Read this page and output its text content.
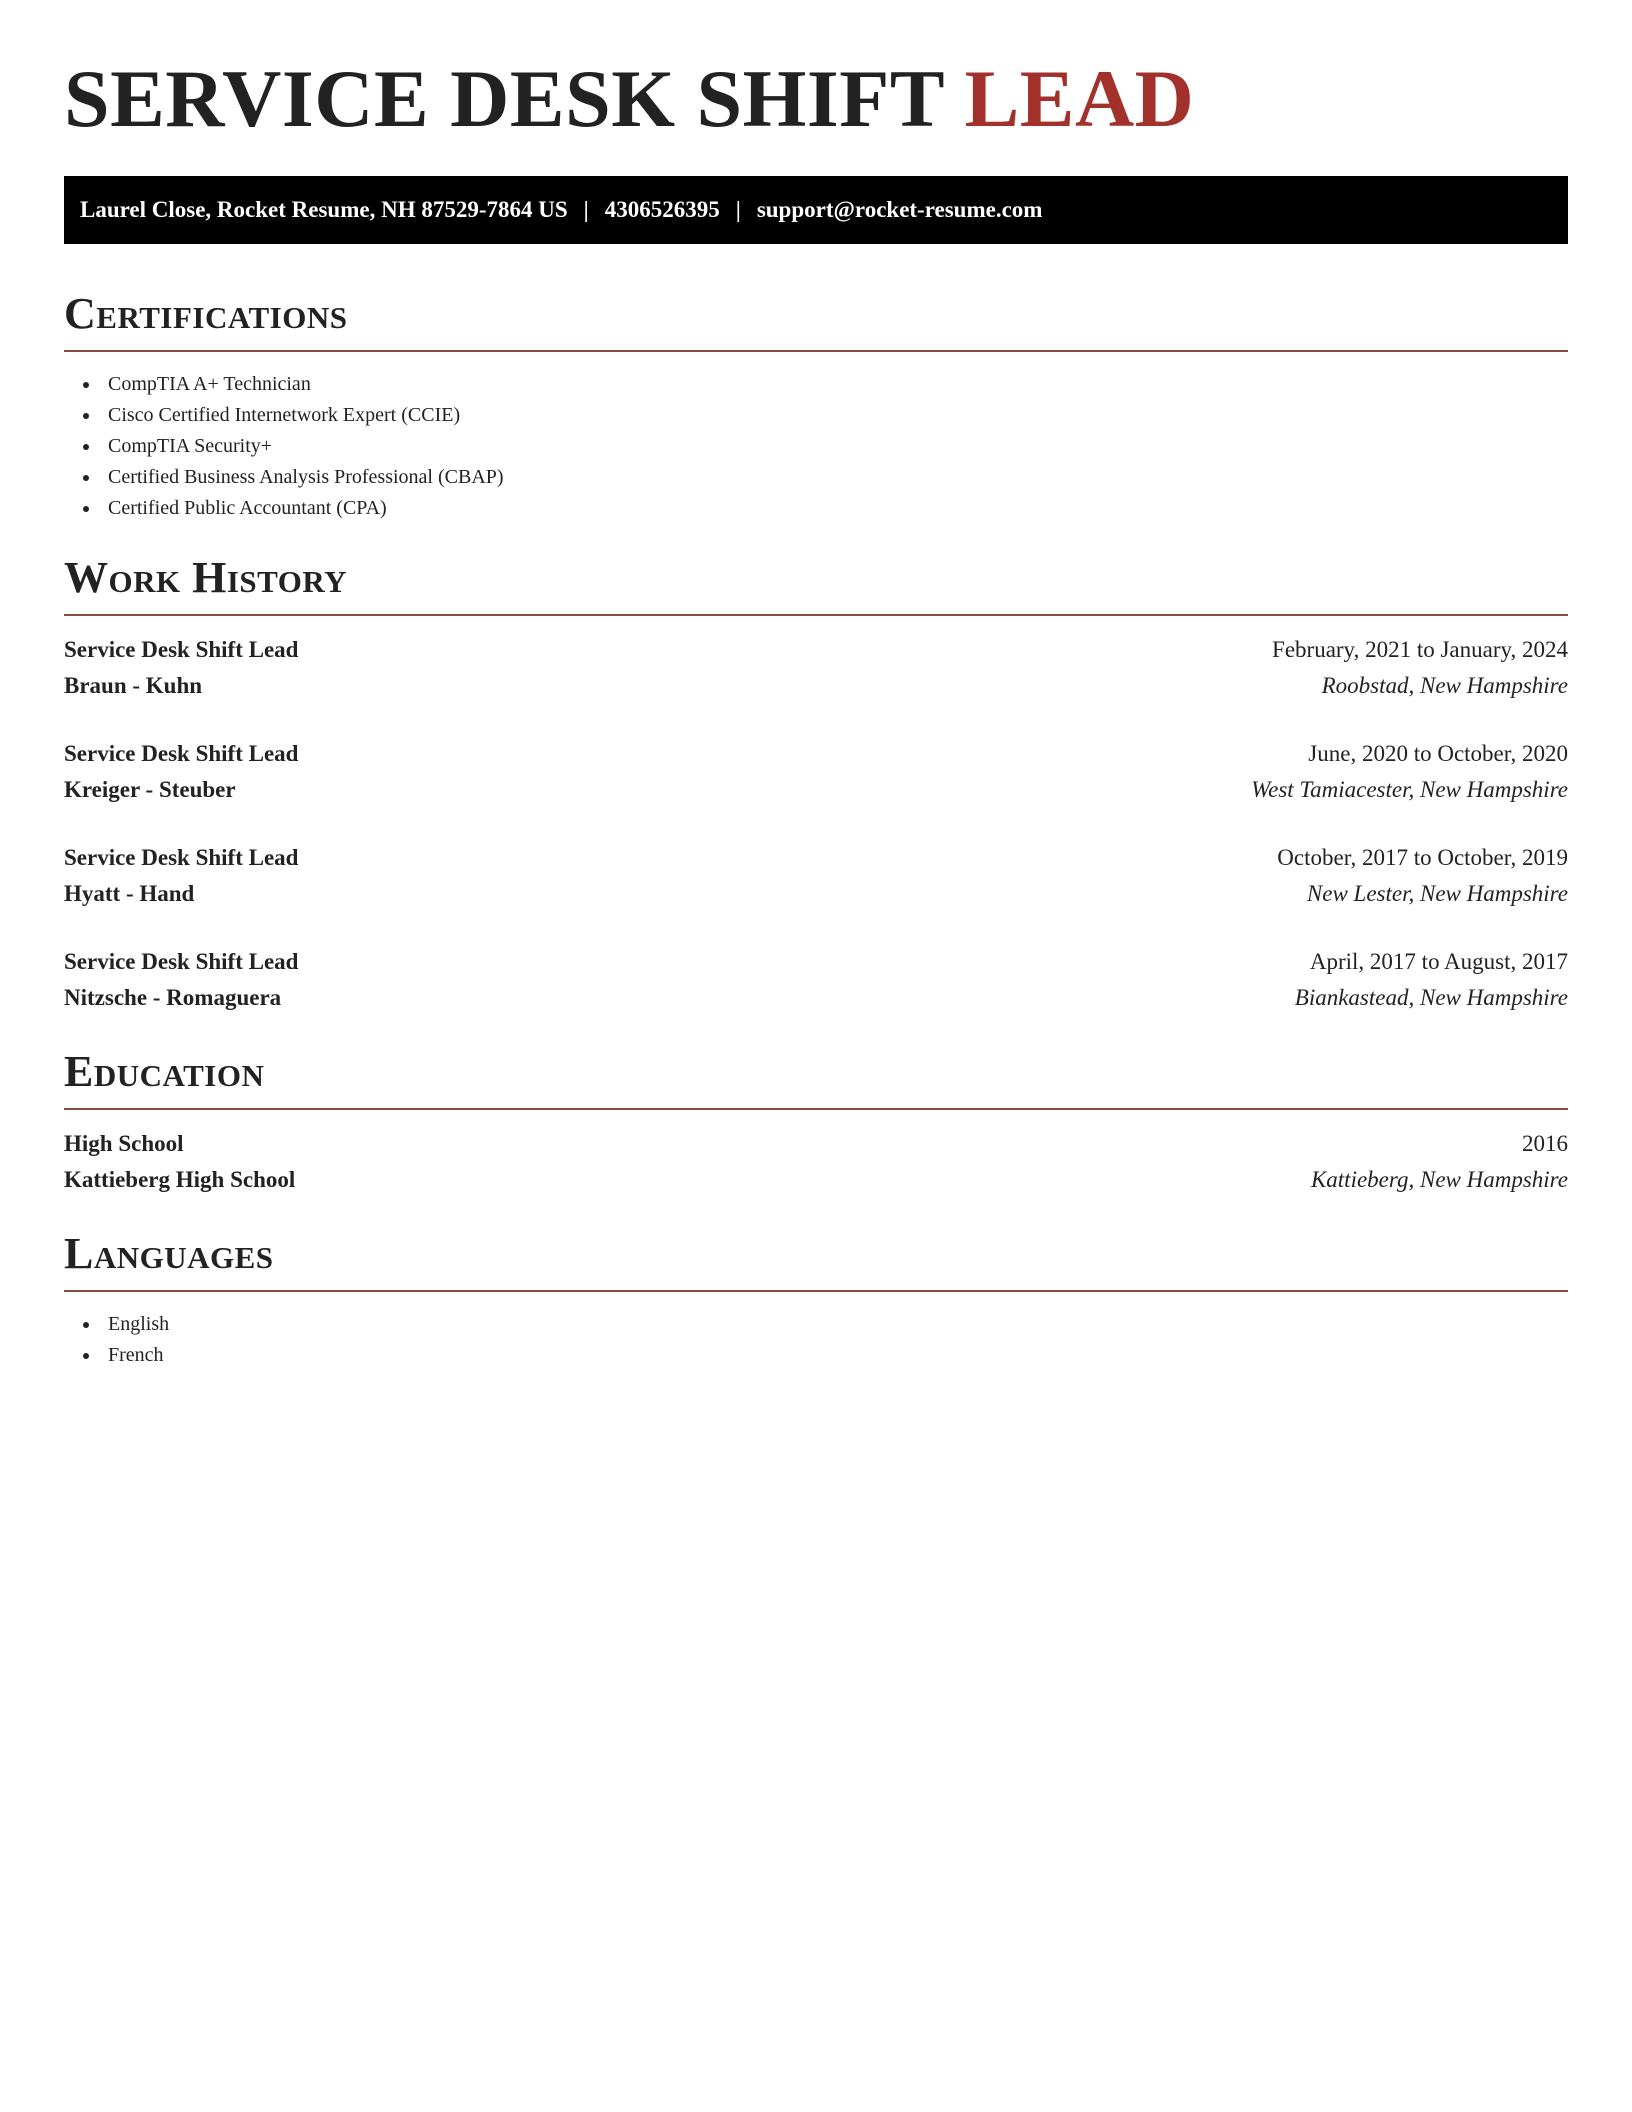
SERVICE DESK SHIFT LEAD
Laurel Close, Rocket Resume, NH 87529-7864 US | 4306526395 | support@rocket-resume.com
Certifications
CompTIA A+ Technician
Cisco Certified Internetwork Expert (CCIE)
CompTIA Security+
Certified Business Analysis Professional (CBAP)
Certified Public Accountant (CPA)
Work History
Service Desk Shift Lead	February, 2021 to January, 2024
Braun - Kuhn	Roobstad, New Hampshire
Service Desk Shift Lead	June, 2020 to October, 2020
Kreiger - Steuber	West Tamiacester, New Hampshire
Service Desk Shift Lead	October, 2017 to October, 2019
Hyatt - Hand	New Lester, New Hampshire
Service Desk Shift Lead	April, 2017 to August, 2017
Nitzsche - Romaguera	Biankastead, New Hampshire
Education
High School	2016
Kattieberg High School	Kattieberg, New Hampshire
Languages
English
French
